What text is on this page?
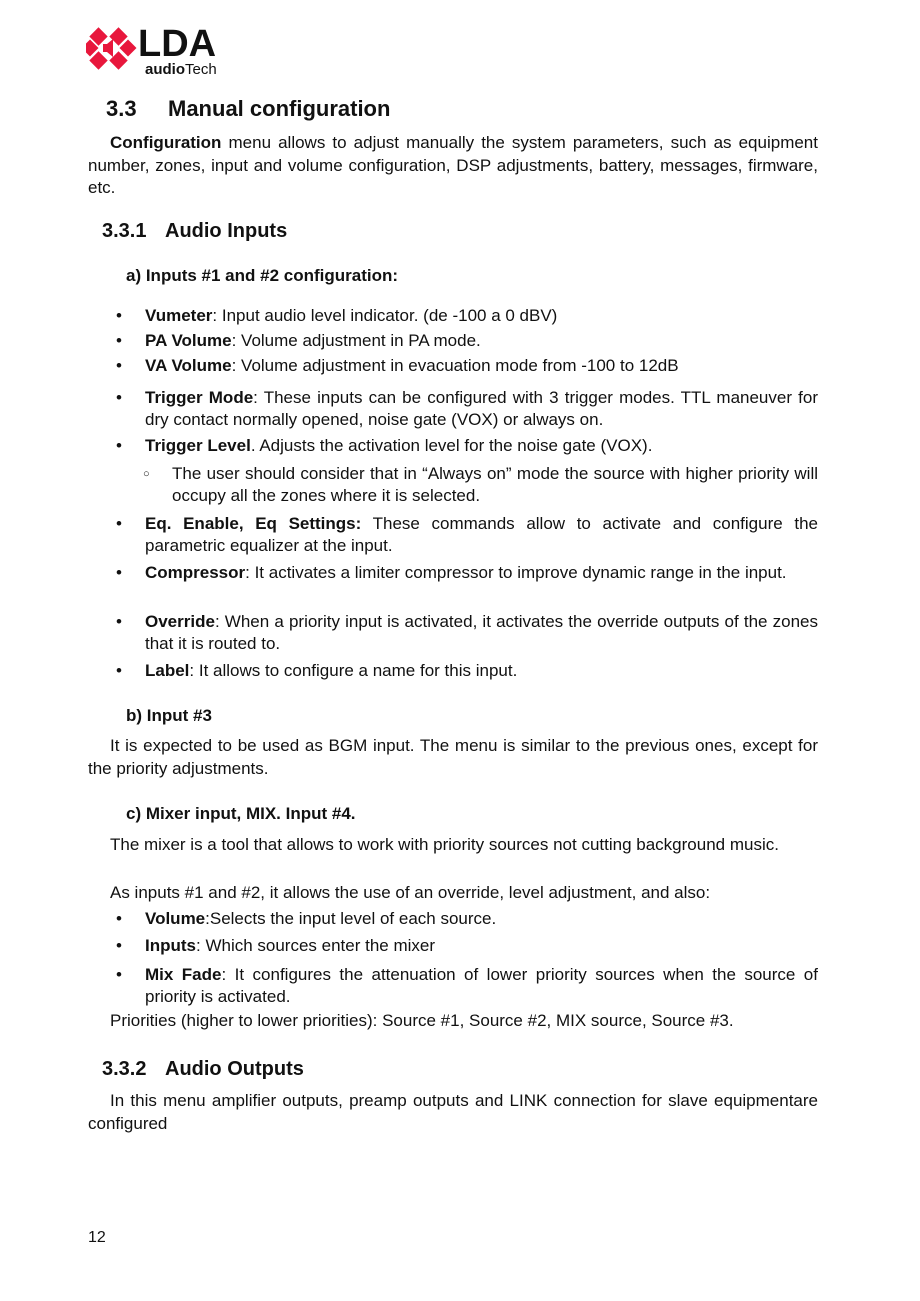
LDA
audioTech
3.3 Manual configuration
Configuration menu allows to adjust manually the system parameters, such as equipment number, zones, input and volume configuration, DSP adjustments, battery, messages, firmware, etc.
3.3.1 Audio Inputs
a) Inputs #1 and #2 configuration:
• Vumeter: Input audio level indicator. (de -100 a 0 dBV)
• PA Volume: Volume adjustment in PA mode.
• VA Volume: Volume adjustment in evacuation mode from -100 to 12dB
• Trigger Mode: These inputs can be configured with 3 trigger modes. TTL maneuver for dry contact normally opened, noise gate (VOX) or always on.
• Trigger Level. Adjusts the activation level for the noise gate (VOX).
○ The user should consider that in “Always on” mode the source with higher priority will occupy all the zones where it is selected.
• Eq. Enable, Eq Settings: These commands allow to activate and configure the parametric equalizer at the input.
• Compressor: It activates a limiter compressor to improve dynamic range in the input.
• Override: When a priority input is activated, it activates the override outputs of the zones that it is routed to.
• Label: It allows to configure a name for this input.
b) Input #3
It is expected to be used as BGM input. The menu is similar to the previous ones, except for the priority adjustments.
c) Mixer input, MIX. Input #4.
The mixer is a tool that allows to work with priority sources not cutting background music.
As inputs #1 and #2, it allows the use of an override, level adjustment, and also:
• Volume:Selects the input level of each source.
• Inputs: Which sources enter the mixer
• Mix Fade: It configures the attenuation of lower priority sources when the source of priority is activated.
Priorities (higher to lower priorities): Source #1, Source #2, MIX source, Source #3.
3.3.2 Audio Outputs
In this menu amplifier outputs, preamp outputs and LINK connection for slave equipmentare configured
12
